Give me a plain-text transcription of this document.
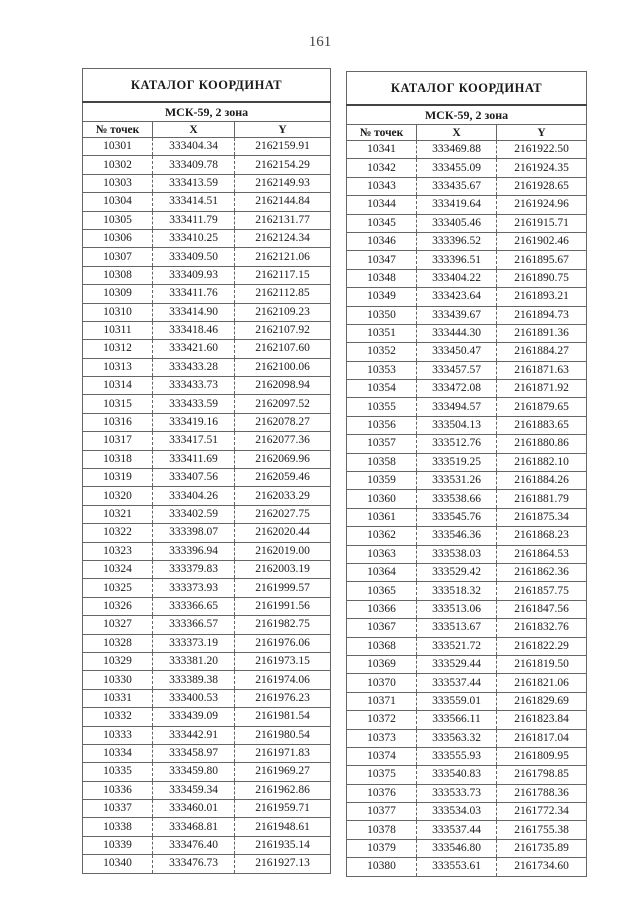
161
КАТАЛОГ КООРДИНАТ		
МСК-59, 2 зона		
№ точек	X	Y
10301	333404.34	2162159.91
10302	333409.78	2162154.29
10303	333413.59	2162149.93
10304	333414.51	2162144.84
10305	333411.79	2162131.77
10306	333410.25	2162124.34
10307	333409.50	2162121.06
10308	333409.93	2162117.15
10309	333411.76	2162112.85
10310	333414.90	2162109.23
10311	333418.46	2162107.92
10312	333421.60	2162107.60
10313	333433.28	2162100.06
10314	333433.73	2162098.94
10315	333433.59	2162097.52
10316	333419.16	2162078.27
10317	333417.51	2162077.36
10318	333411.69	2162069.96
10319	333407.56	2162059.46
10320	333404.26	2162033.29
10321	333402.59	2162027.75
10322	333398.07	2162020.44
10323	333396.94	2162019.00
10324	333379.83	2162003.19
10325	333373.93	2161999.57
10326	333366.65	2161991.56
10327	333366.57	2161982.75
10328	333373.19	2161976.06
10329	333381.20	2161973.15
10330	333389.38	2161974.06
10331	333400.53	2161976.23
10332	333439.09	2161981.54
10333	333442.91	2161980.54
10334	333458.97	2161971.83
10335	333459.80	2161969.27
10336	333459.34	2161962.86
10337	333460.01	2161959.71
10338	333468.81	2161948.61
10339	333476.40	2161935.14
10340	333476.73	2161927.13
КАТАЛОГ КООРДИНАТ		
МСК-59, 2 зона		
№ точек	X	Y
10341	333469.88	2161922.50
10342	333455.09	2161924.35
10343	333435.67	2161928.65
10344	333419.64	2161924.96
10345	333405.46	2161915.71
10346	333396.52	2161902.46
10347	333396.51	2161895.67
10348	333404.22	2161890.75
10349	333423.64	2161893.21
10350	333439.67	2161894.73
10351	333444.30	2161891.36
10352	333450.47	2161884.27
10353	333457.57	2161871.63
10354	333472.08	2161871.92
10355	333494.57	2161879.65
10356	333504.13	2161883.65
10357	333512.76	2161880.86
10358	333519.25	2161882.10
10359	333531.26	2161884.26
10360	333538.66	2161881.79
10361	333545.76	2161875.34
10362	333546.36	2161868.23
10363	333538.03	2161864.53
10364	333529.42	2161862.36
10365	333518.32	2161857.75
10366	333513.06	2161847.56
10367	333513.67	2161832.76
10368	333521.72	2161822.29
10369	333529.44	2161819.50
10370	333537.44	2161821.06
10371	333559.01	2161829.69
10372	333566.11	2161823.84
10373	333563.32	2161817.04
10374	333555.93	2161809.95
10375	333540.83	2161798.85
10376	333533.73	2161788.36
10377	333534.03	2161772.34
10378	333537.44	2161755.38
10379	333546.80	2161735.89
10380	333553.61	2161734.60
